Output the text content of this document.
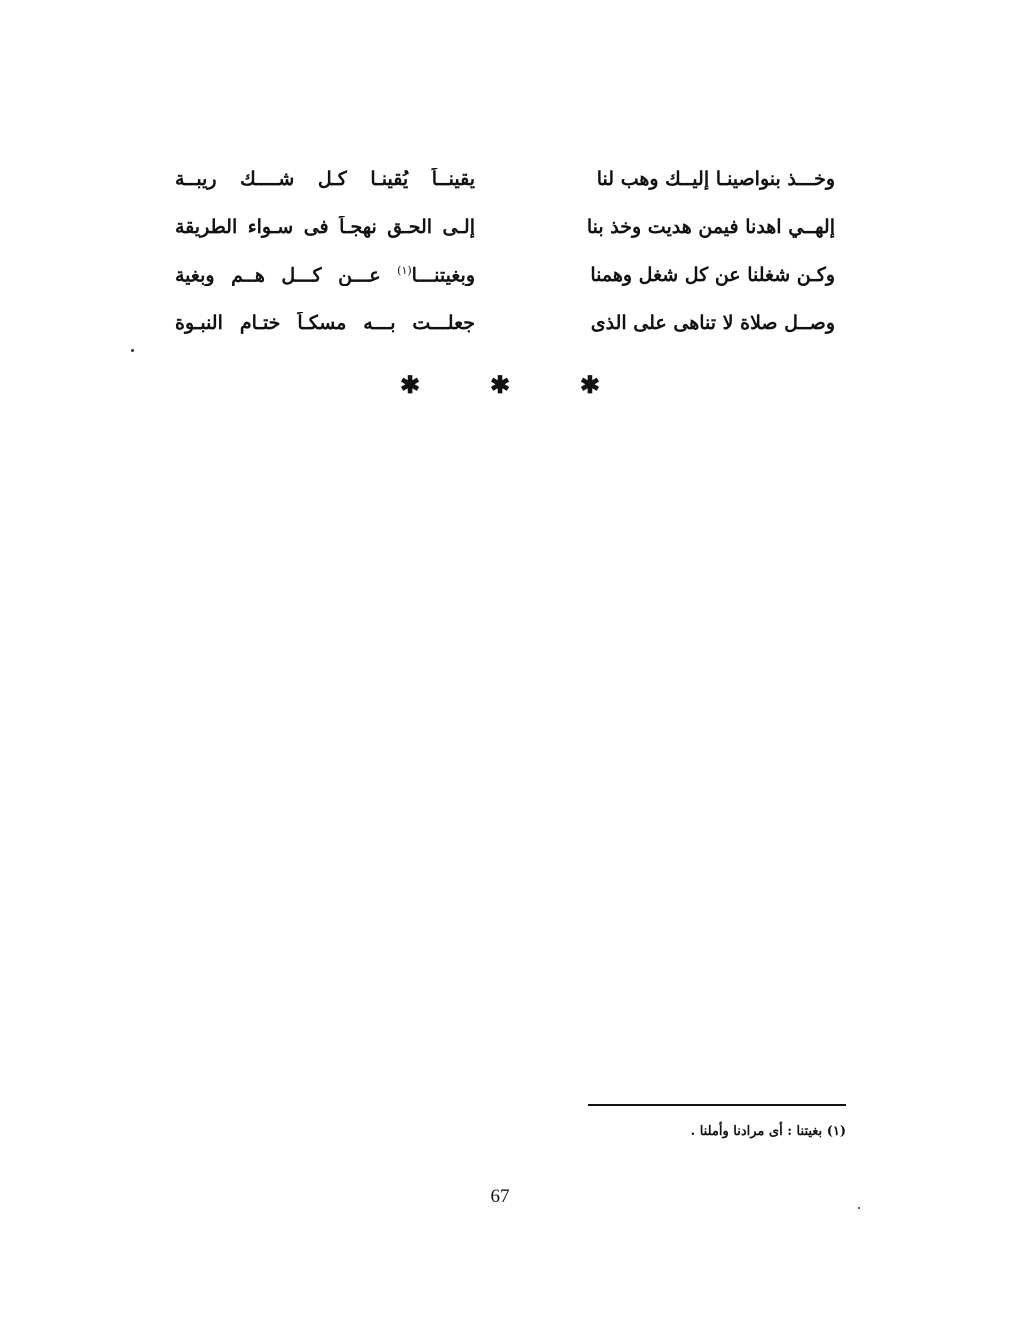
وخـــذ بنواصينـا إليــك وهب لنا
يقينــاً يُقينـا كـل شــــك ريبــة
إلهــي اهدنا فيمن هديت وخذ بنا
إلـى الحـق نهجـاً فى سـواء الطريقة
وكـن شغلنا عن كل شغل وهمنا
وبغيتنـــا$^{(١)}$ عـــن كـــل هــم وبغية
وصــل صلاة لا تناهى على الذى
جعلـــت بـــه مسكـاً ختـام النبـوة
✱	✱	✱
(١) بغيتنا : أى مرادنا وأملنا .
67
